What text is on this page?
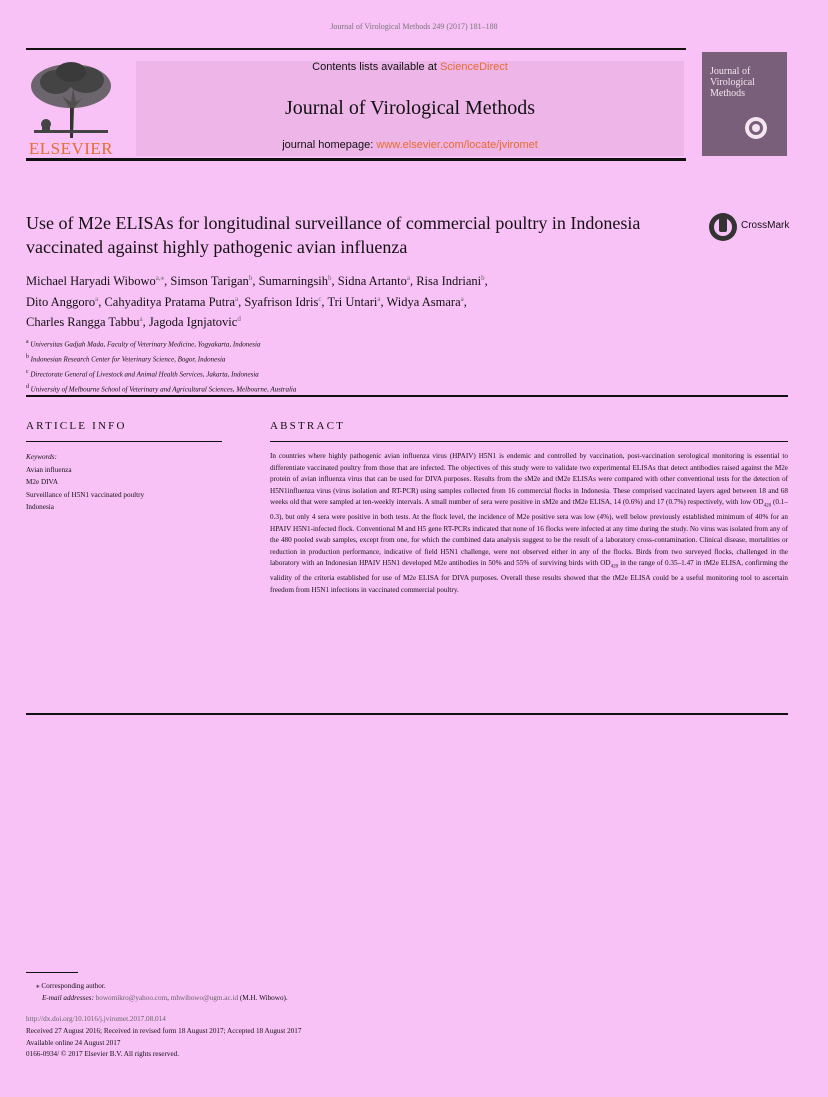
Journal of Virological Methods 249 (2017) 181–188
ELSEVIER
Contents lists available at ScienceDirect
Journal of Virological Methods
journal homepage: www.elsevier.com/locate/jviromet
Journal of Virological Methods
Use of M2e ELISAs for longitudinal surveillance of commercial poultry in Indonesia vaccinated against highly pathogenic avian influenza
CrossMark
Michael Haryadi Wibowo$^{a,⁎}$, Simson Tarigan$^b$, Sumarningsih$^b$, Sidna Artanto$^a$, Risa Indriani$^b$,
Dito Anggoro$^a$, Cahyaditya Pratama Putra$^a$, Syafrison Idris$^c$, Tri Untari$^a$, Widya Asmara$^a$,
Charles Rangga Tabbu$^a$, Jagoda Ignjatovic$^d$
$^a$ Universitas Gadjah Mada, Faculty of Veterinary Medicine, Yogyakarta, Indonesia
$^b$ Indonesian Research Center for Veterinary Science, Bogor, Indonesia
$^c$ Directorate General of Livestock and Animal Health Services, Jakarta, Indonesia
$^d$ University of Melbourne School of Veterinary and Agricultural Sciences, Melbourne, Australia
ARTICLE INFO	ABSTRACT
Keywords:
Avian influenza
M2e DIVA
Surveillance of H5N1 vaccinated poultry
Indonesia
In countries where highly pathogenic avian influenza virus (HPAIV) H5N1 is endemic and controlled by vaccination, post-vaccination serological monitoring is essential to differentiate vaccinated poultry from those that are infected. The objectives of this study were to validate two experimental ELISAs that detect antibodies raised against the M2e protein of avian influenza virus that can be used for DIVA purposes. Results from the sM2e and tM2e ELISAs were compared with other conventional tests for the detection of H5N1influenza virus (virus isolation and RT-PCR) using samples collected from 16 commercial flocks in Indonesia. These comprised vaccinated layers aged between 18 and 68 weeks old that were sampled at ten-weekly intervals. A small number of sera were positive in sM2e and tM2e ELISA, 14 (0.6%) and 17 (0.7%) respectively, with low $OD_{420}$ (0.1–0.3), but only 4 sera were positive in both tests. At the flock level, the incidence of M2e positive sera was low (4%), well below previously established minimum of 40% for an HPAIV H5N1-infected flock. Conventional M and H5 gene RT-PCRs indicated that none of 16 flocks were infected at any time during the study. No virus was isolated from any of the 480 pooled swab samples, except from one, for which the combined data analysis suggest to be the result of a laboratory cross-contamination. Clinical disease, mortalities or reduction in production performance, indicative of field H5N1 challenge, were not observed either in any of the flocks. Birds from two surveyed flocks, challenged in the laboratory with an Indonesian HPAIV H5N1 developed M2e antibodies in 50% and 55% of surviving birds with $OD_{420}$ in the range of 0.35–1.47 in tM2e ELISA, confirming the validity of the criteria established for use of M2e ELISA for DIVA purposes. Overall these results showed that the tM2e ELISA could be a useful monitoring tool to ascertain freedom from H5N1 infections in vaccinated commercial poultry.
⁎ Corresponding author.
E-mail addresses: bowomikro@yahoo.com, mhwibowo@ugm.ac.id (M.H. Wibowo).
http://dx.doi.org/10.1016/j.jviromet.2017.08.014
Received 27 August 2016; Received in revised form 18 August 2017; Accepted 18 August 2017
Available online 24 August 2017
0166-0934/ © 2017 Elsevier B.V. All rights reserved.
